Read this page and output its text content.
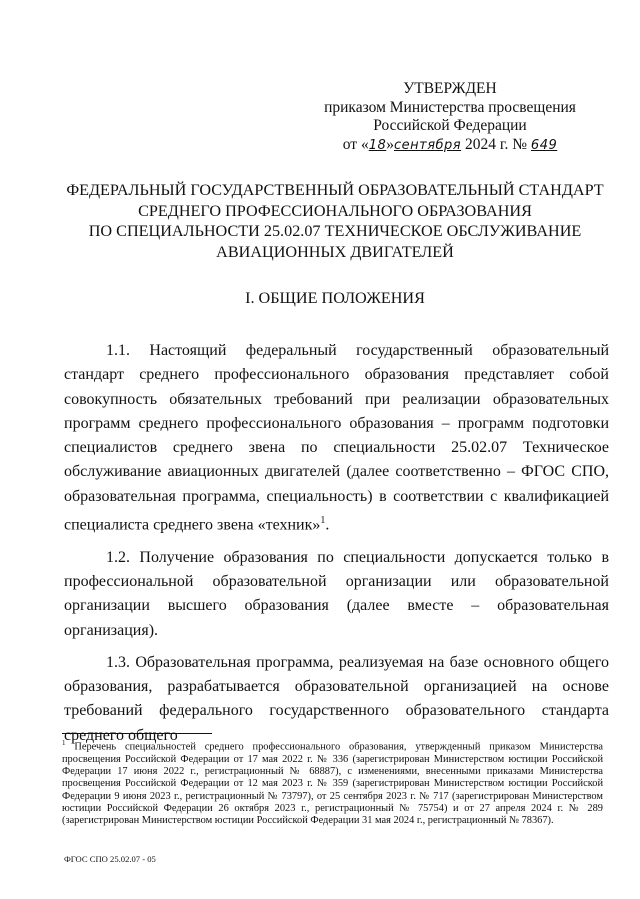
УТВЕРЖДЕН
приказом Министерства просвещения
Российской Федерации
от «18»сентября 2024 г. № 649
ФЕДЕРАЛЬНЫЙ ГОСУДАРСТВЕННЫЙ ОБРАЗОВАТЕЛЬНЫЙ СТАНДАРТ
СРЕДНЕГО ПРОФЕССИОНАЛЬНОГО ОБРАЗОВАНИЯ
ПО СПЕЦИАЛЬНОСТИ 25.02.07 ТЕХНИЧЕСКОЕ ОБСЛУЖИВАНИЕ
АВИАЦИОННЫХ ДВИГАТЕЛЕЙ
I. ОБЩИЕ ПОЛОЖЕНИЯ

1.1. Настоящий федеральный государственный образовательный стандарт среднего профессионального образования представляет собой совокупность обязательных требований при реализации образовательных программ среднего профессионального образования – программ подготовки специалистов среднего звена по специальности 25.02.07 Техническое обслуживание авиационных двигателей (далее соответственно – ФГОС СПО, образовательная программа, специальность) в соответствии с квалификацией специалиста среднего звена «техник»$^1$.

1.2. Получение образования по специальности допускается только в профессиональной образовательной организации или образовательной организации высшего образования (далее вместе – образовательная организация).

1.3. Образовательная программа, реализуемая на базе основного общего образования, разрабатывается образовательной организацией на основе требований федерального государственного образовательного стандарта среднего общего

$^1$ Перечень специальностей среднего профессионального образования, утвержденный приказом Министерства просвещения Российской Федерации от 17 мая 2022 г. № 336 (зарегистрирован Министерством юстиции Российской Федерации 17 июня 2022 г., регистрационный № 68887), с изменениями, внесенными приказами Министерства просвещения Российской Федерации от 12 мая 2023 г. № 359 (зарегистрирован Министерством юстиции Российской Федерации 9 июня 2023 г., регистрационный № 73797), от 25 сентября 2023 г. № 717 (зарегистрирован Министерством юстиции Российской Федерации 26 октября 2023 г., регистрационный № 75754) и от 27 апреля 2024 г. № 289 (зарегистрирован Министерством юстиции Российской Федерации 31 мая 2024 г., регистрационный № 78367).
ФГОС СПО 25.02.07 - 05
